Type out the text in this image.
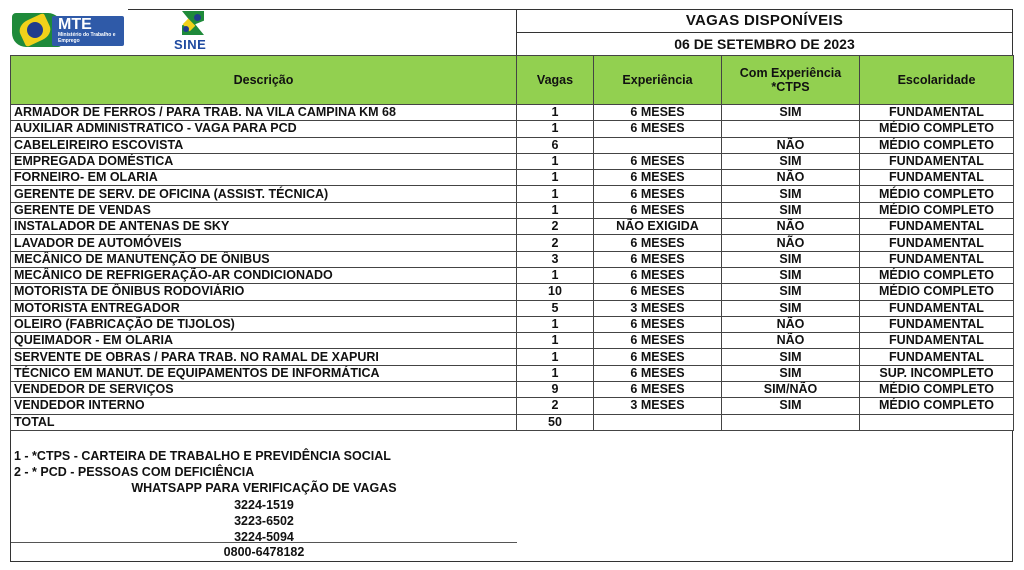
MTE
Ministério do Trabalho e Emprego	SINE
VAGAS DISPONÍVEIS
06 DE SETEMBRO DE 2023
Descrição	Vagas	Experiência	Com Experiência *CTPS	Escolaridade
ARMADOR DE FERROS / PARA TRAB. NA VILA CAMPINA KM 68	1	6 MESES	SIM	FUNDAMENTAL
AUXILIAR ADMINISTRATICO - VAGA PARA PCD	1	6 MESES		MÉDIO COMPLETO
CABELEIREIRO ESCOVISTA	6		NÃO	MÉDIO COMPLETO
EMPREGADA DOMÉSTICA	1	6 MESES	SIM	FUNDAMENTAL
FORNEIRO- EM OLARIA	1	6 MESES	NÃO	FUNDAMENTAL
GERENTE DE SERV. DE OFICINA (ASSIST. TÉCNICA)	1	6 MESES	SIM	MÉDIO COMPLETO
GERENTE DE VENDAS	1	6 MESES	SIM	MÉDIO COMPLETO
INSTALADOR DE ANTENAS DE SKY	2	NÃO EXIGIDA	NÃO	FUNDAMENTAL
LAVADOR DE AUTOMÓVEIS	2	6 MESES	NÃO	FUNDAMENTAL
MECÂNICO DE MANUTENÇÃO DE ÔNIBUS	3	6 MESES	SIM	FUNDAMENTAL
MECÂNICO DE REFRIGERAÇÃO-AR CONDICIONADO	1	6 MESES	SIM	MÉDIO COMPLETO
MOTORISTA DE ÔNIBUS RODOVIÁRIO	10	6 MESES	SIM	MÉDIO COMPLETO
MOTORISTA ENTREGADOR	5	3 MESES	SIM	FUNDAMENTAL
OLEIRO (FABRICAÇÃO DE TIJOLOS)	1	6 MESES	NÃO	FUNDAMENTAL
QUEIMADOR - EM OLARIA	1	6 MESES	NÃO	FUNDAMENTAL
SERVENTE DE OBRAS / PARA TRAB. NO RAMAL DE XAPURI	1	6 MESES	SIM	FUNDAMENTAL
TÉCNICO EM MANUT. DE EQUIPAMENTOS DE INFORMÁTICA	1	6 MESES	SIM	SUP. INCOMPLETO
VENDEDOR DE SERVIÇOS	9	6 MESES	SIM/NÃO	MÉDIO COMPLETO
VENDEDOR INTERNO	2	3 MESES	SIM	MÉDIO COMPLETO
TOTAL	50			
1 - *CTPS - CARTEIRA DE TRABALHO E PREVIDÊNCIA SOCIAL
2 - * PCD - PESSOAS COM DEFICIÊNCIA
WHATSAPP PARA VERIFICAÇÃO DE VAGAS
3224-1519
3223-6502
3224-5094
0800-6478182
